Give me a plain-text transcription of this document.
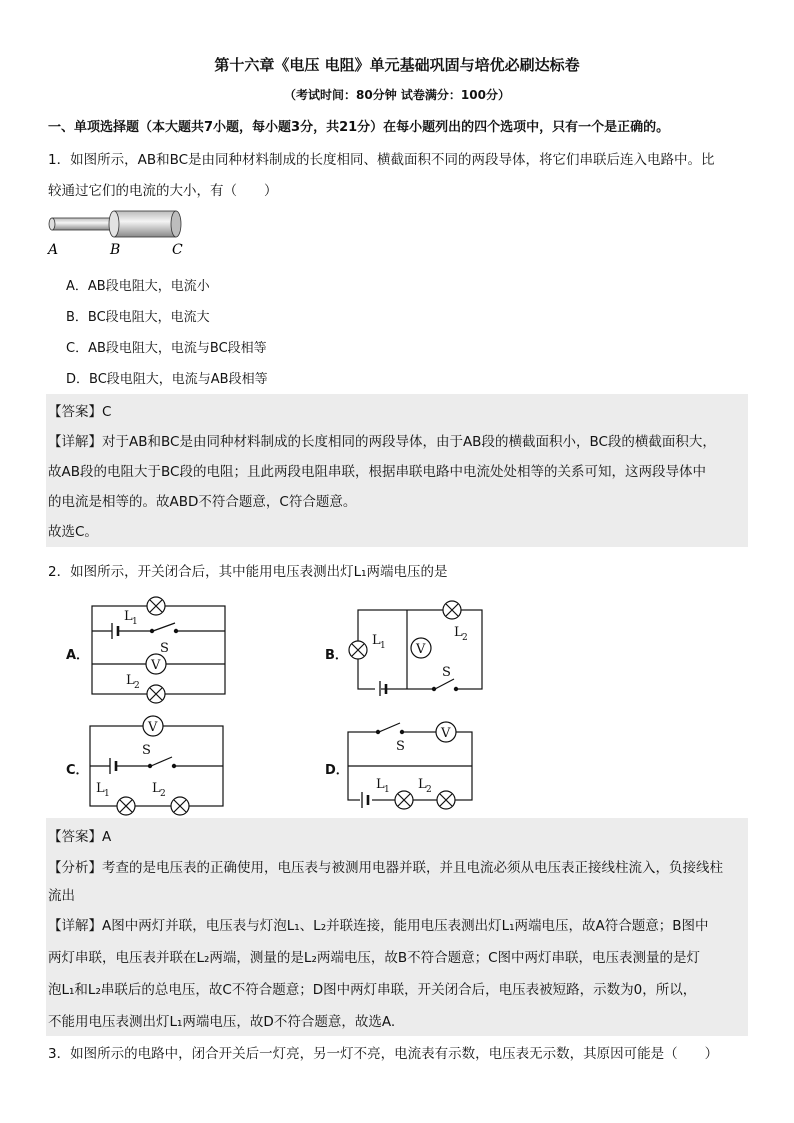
第十六章《电压 电阻》单元基础巩固与培优必刷达标卷
（考试时间：80分钟 试卷满分：100分）
一、单项选择题（本大题共7小题，每小题3分，共21分）在每小题列出的四个选项中，只有一个是正确的。
1．如图所示，AB和BC是由同种材料制成的长度相同、横截面积不同的两段导体，将它们串联后连入电路中。比
较通过它们的电流的大小，有（　　）
A	B	C
A．AB段电阻大，电流小
B．BC段电阻大，电流大
C．AB段电阻大，电流与BC段相等
D．BC段电阻大，电流与AB段相等
【答案】C
【详解】对于AB和BC是由同种材料制成的长度相同的两段导体，由于AB段的横截面积小，BC段的横截面积大，
故AB段的电阻大于BC段的电阻；且此两段电阻串联，根据串联电路中电流处处相等的关系可知，这两段导体中
的电流是相等的。故ABD不符合题意，C符合题意。
故选C。
2．如图所示，开关闭合后，其中能用电压表测出灯L₁两端电压的是
A．	B．
C．	D．
V
S
L 1
L 2
V
S
L 1
L 2
V
S
L 1	L 2
V
S
L 1 L 2
【答案】A
【分析】考查的是电压表的正确使用，电压表与被测用电器并联，并且电流必须从电压表正接线柱流入，负接线柱
流出
【详解】A图中两灯并联，电压表与灯泡L₁、L₂并联连接，能用电压表测出灯L₁两端电压，故A符合题意；B图中
两灯串联，电压表并联在L₂两端，测量的是L₂两端电压，故B不符合题意；C图中两灯串联，电压表测量的是灯
泡L₁和L₂串联后的总电压，故C不符合题意；D图中两灯串联，开关闭合后，电压表被短路，示数为0，所以，
不能用电压表测出灯L₁两端电压，故D不符合题意，故选A.
3．如图所示的电路中，闭合开关后一灯亮，另一灯不亮，电流表有示数，电压表无示数，其原因可能是（　　）
